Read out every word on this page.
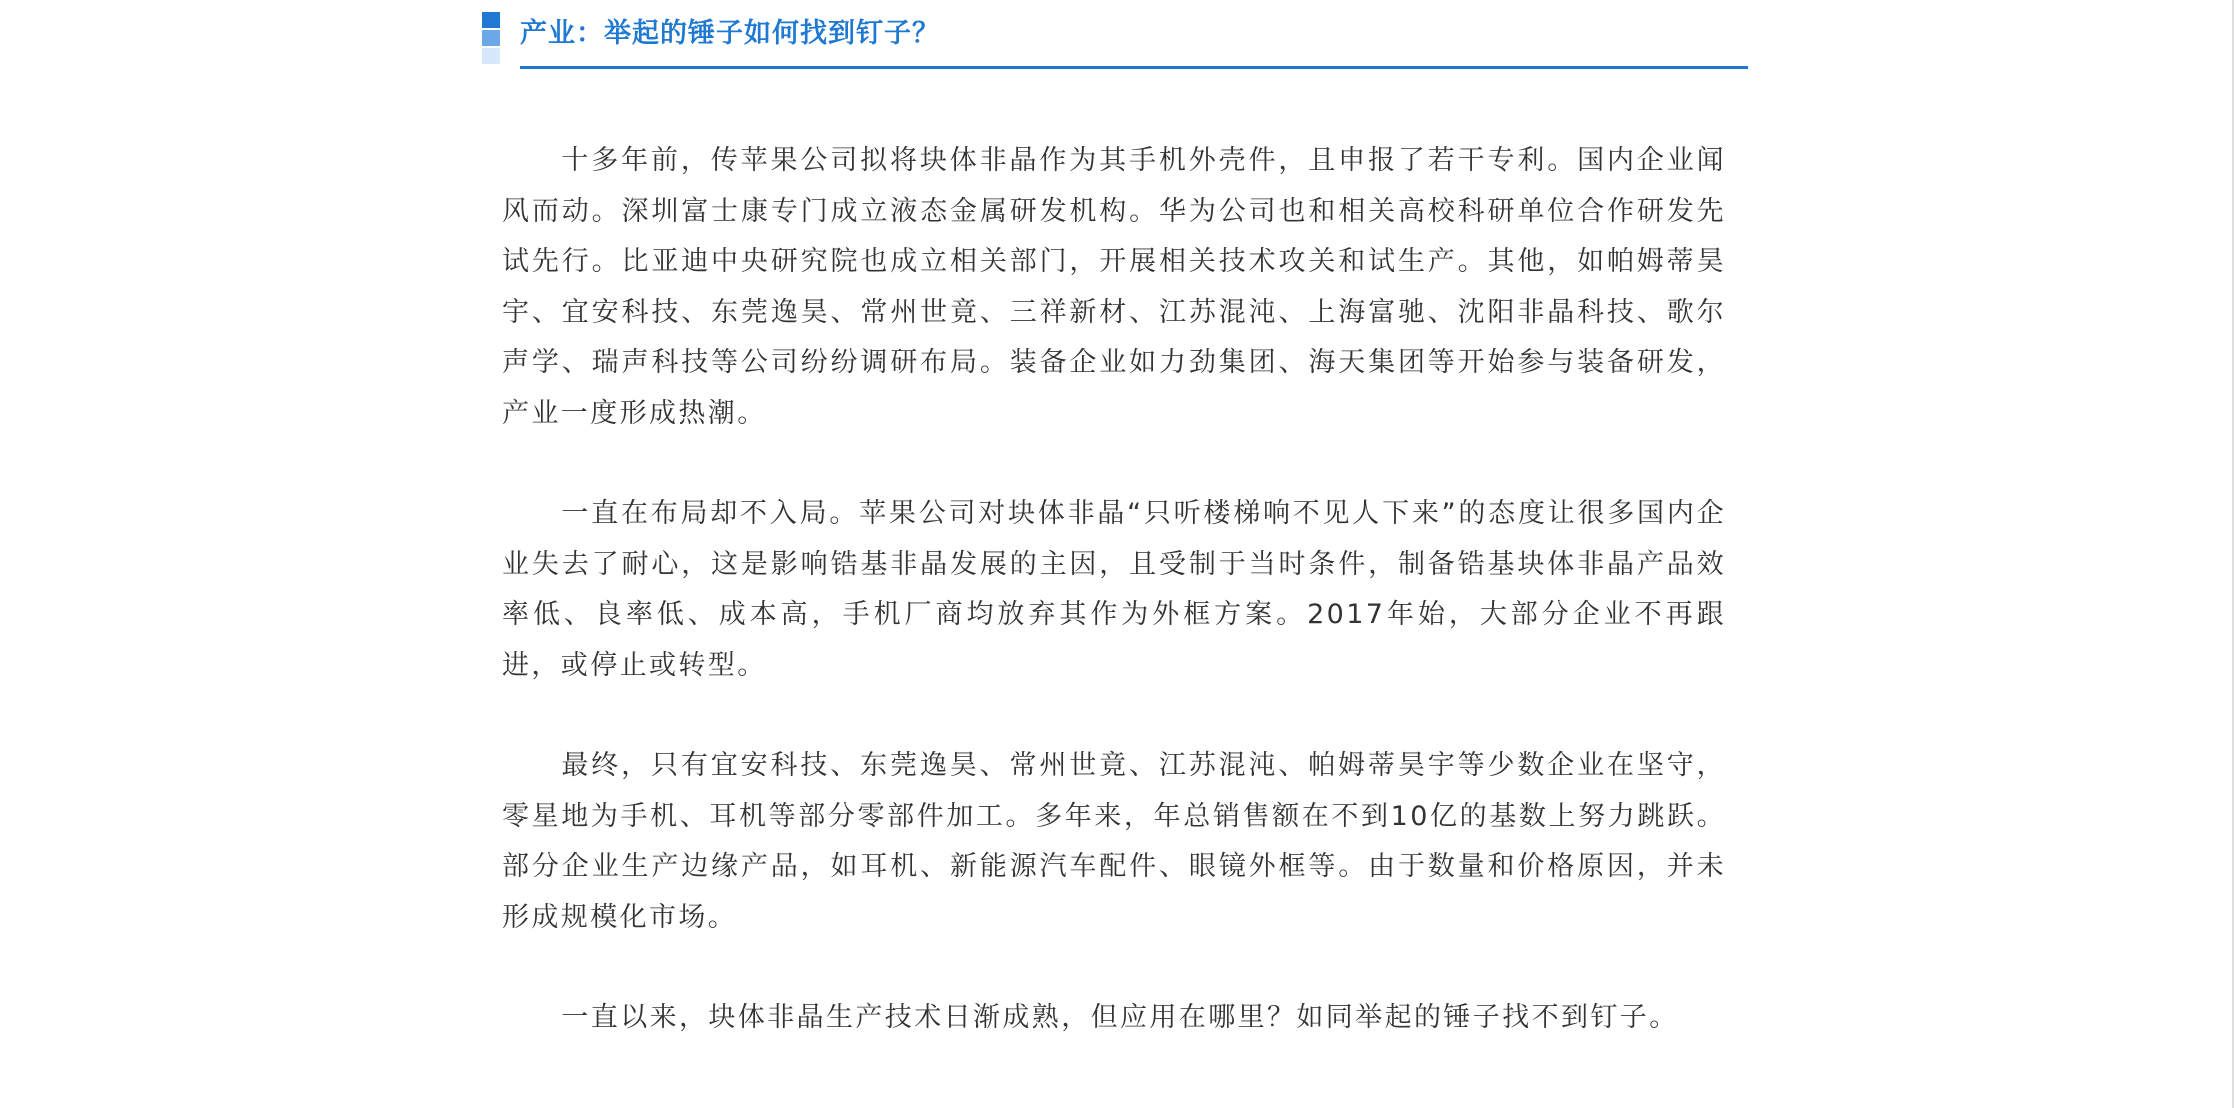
产业：举起的锤子如何找到钉子？

十多年前，传苹果公司拟将块体非晶作为其手机外壳件，且申报了若干专利。国内企业闻风而动。深圳富士康专门成立液态金属研发机构。华为公司也和相关高校科研单位合作研发先试先行。比亚迪中央研究院也成立相关部门，开展相关技术攻关和试生产。其他，如帕姆蒂昊宇、宜安科技、东莞逸昊、常州世竟、三祥新材、江苏混沌、上海富驰、沈阳非晶科技、歌尔声学、瑞声科技等公司纷纷调研布局。装备企业如力劲集团、海天集团等开始参与装备研发，产业一度形成热潮。

一直在布局却不入局。苹果公司对块体非晶“只听楼梯响不见人下来”的态度让很多国内企业失去了耐心，这是影响锆基非晶发展的主因，且受制于当时条件，制备锆基块体非晶产品效率低、良率低、成本高，手机厂商均放弃其作为外框方案。2017年始，大部分企业不再跟进，或停止或转型。

最终，只有宜安科技、东莞逸昊、常州世竟、江苏混沌、帕姆蒂昊宇等少数企业在坚守，零星地为手机、耳机等部分零部件加工。多年来，年总销售额在不到10亿的基数上努力跳跃。部分企业生产边缘产品，如耳机、新能源汽车配件、眼镜外框等。由于数量和价格原因，并未形成规模化市场。

一直以来，块体非晶生产技术日渐成熟，但应用在哪里？如同举起的锤子找不到钉子。
